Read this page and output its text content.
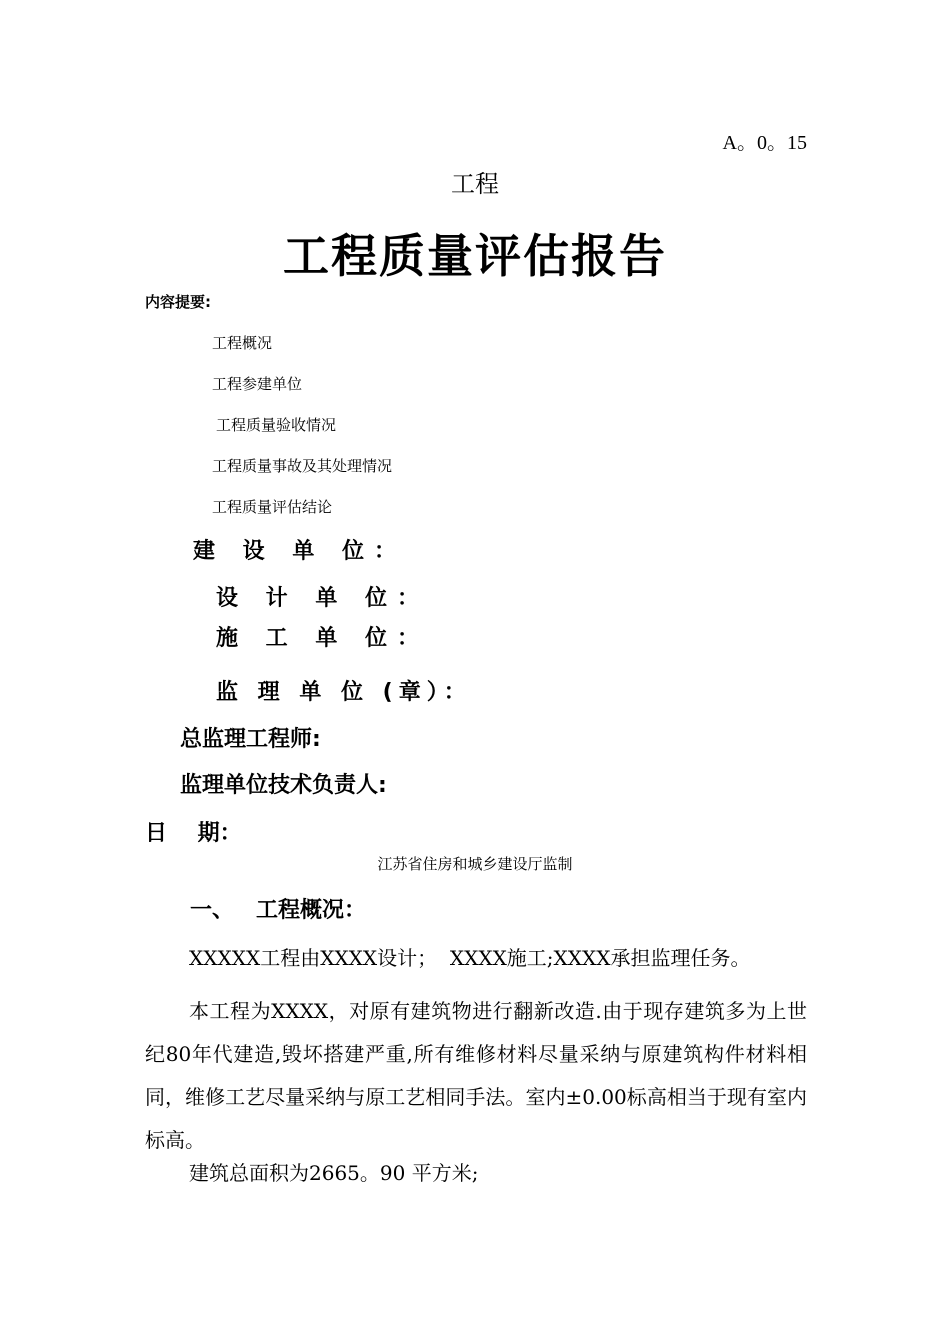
A。0。15
工程
工程质量评估报告
内容提要:
工程概况
工程参建单位
工程质量验收情况
工程质量事故及其处理情况
工程质量评估结论
建 设 单 位：
设 计 单 位：
施 工 单 位：
监 理 单 位 (章）：
总监理工程师:
监理单位技术负责人:
日    期：
江苏省住房和城乡建设厅监制
一、 工程概况：
XXXXX工程由XXXX设计；  XXXX施工;XXXX承担监理任务。
本工程为XXXX，对原有建筑物进行翻新改造.由于现存建筑多为上世纪80年代建造,毁坏搭建严重,所有维修材料尽量采纳与原建筑构件材料相同，维修工艺尽量采纳与原工艺相同手法。室内±0.00标高相当于现有室内标高。
建筑总面积为2665。90 平方米;
